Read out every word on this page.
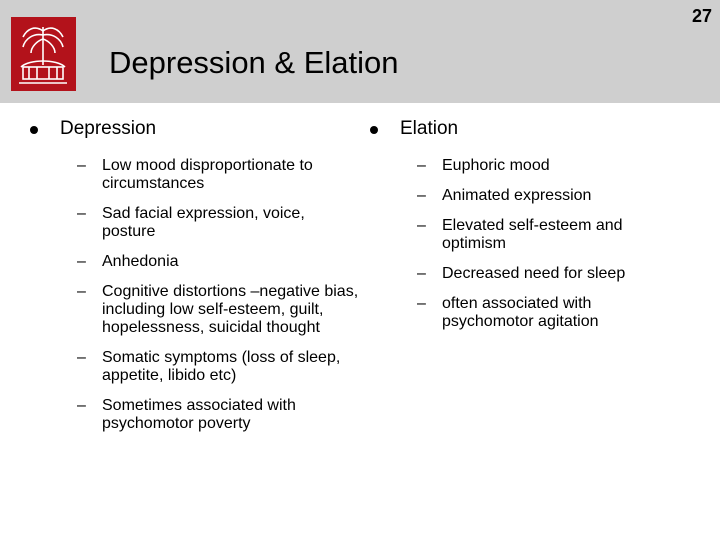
27
Depression & Elation
Depression
– Low mood disproportionate to circumstances
– Sad facial expression, voice, posture
– Anhedonia
– Cognitive distortions –negative bias, including low self-esteem, guilt, hopelessness, suicidal thought
– Somatic symptoms (loss of sleep, appetite, libido etc)
– Sometimes associated with psychomotor poverty
Elation
– Euphoric mood
– Animated expression
– Elevated self-esteem and optimism
– Decreased need for sleep
– often associated with psychomotor agitation
